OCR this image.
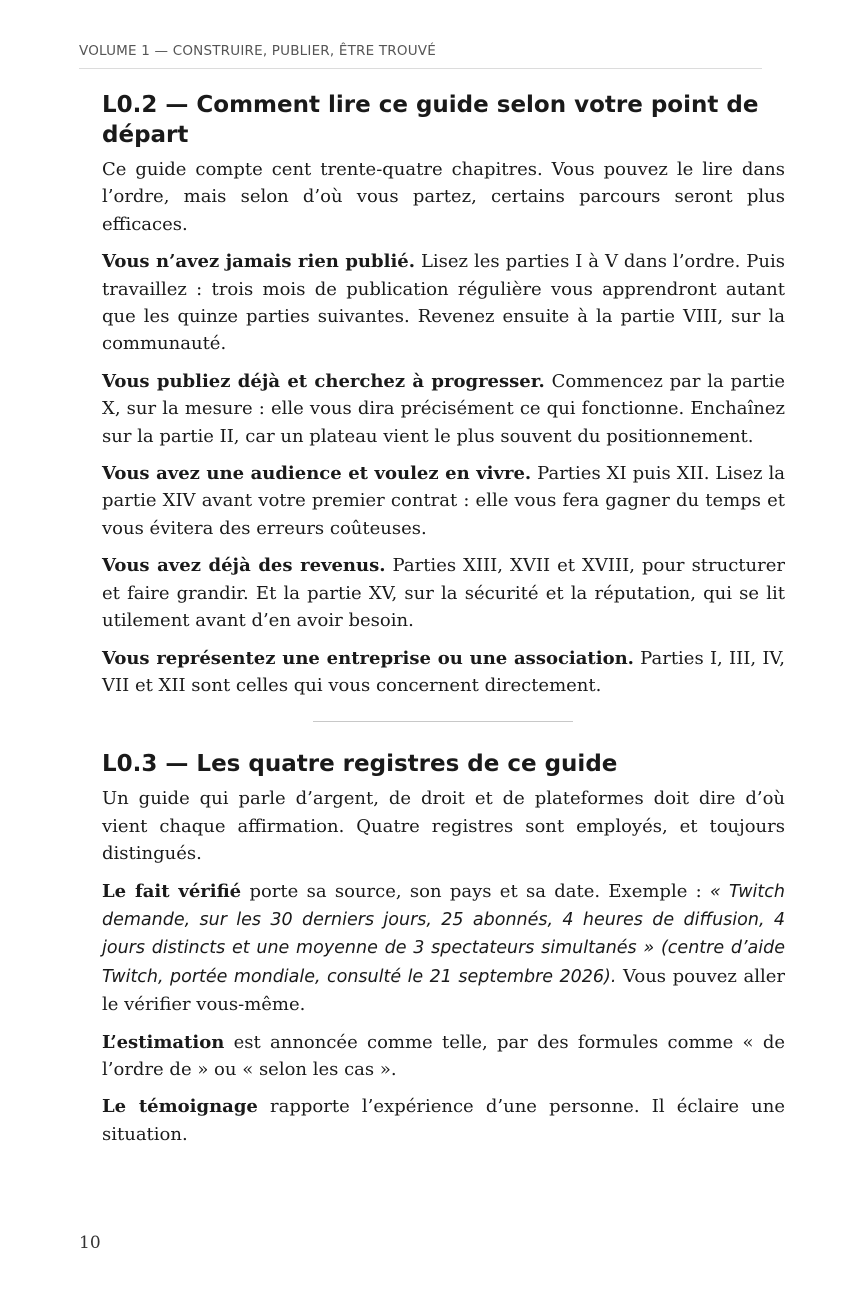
VOLUME 1 — CONSTRUIRE, PUBLIER, ÊTRE TROUVÉ
L0.2 — Comment lire ce guide selon votre point de départ

Ce guide compte cent trente-quatre chapitres. Vous pouvez le lire dans l’ordre, mais selon d’où vous partez, certains parcours seront plus efficaces.

Vous n’avez jamais rien publié. Lisez les parties I à V dans l’ordre. Puis travaillez : trois mois de publication régulière vous apprendront autant que les quinze parties suivantes. Revenez ensuite à la partie VIII, sur la communauté.

Vous publiez déjà et cherchez à progresser. Commencez par la partie X, sur la mesure : elle vous dira précisément ce qui fonctionne. Enchaînez sur la partie II, car un plateau vient le plus souvent du positionnement.

Vous avez une audience et voulez en vivre. Parties XI puis XII. Lisez la partie XIV avant votre premier contrat : elle vous fera gagner du temps et vous évitera des erreurs coûteuses.

Vous avez déjà des revenus. Parties XIII, XVII et XVIII, pour structurer et faire grandir. Et la partie XV, sur la sécurité et la réputation, qui se lit utilement avant d’en avoir besoin.

Vous représentez une entreprise ou une association. Parties I, III, IV, VII et XII sont celles qui vous concernent directement.

L0.3 — Les quatre registres de ce guide

Un guide qui parle d’argent, de droit et de plateformes doit dire d’où vient chaque affirmation. Quatre registres sont employés, et toujours distingués.

Le fait vérifié porte sa source, son pays et sa date. Exemple : « Twitch demande, sur les 30 derniers jours, 25 abonnés, 4 heures de diffusion, 4 jours distincts et une moyenne de 3 spectateurs simultanés » (centre d’aide Twitch, portée mondiale, consulté le 21 septembre 2026). Vous pouvez aller le vérifier vous-même.

L’estimation est annoncée comme telle, par des formules comme « de l’ordre de » ou « selon les cas ».

Le témoignage rapporte l’expérience d’une personne. Il éclaire une situation.

10
